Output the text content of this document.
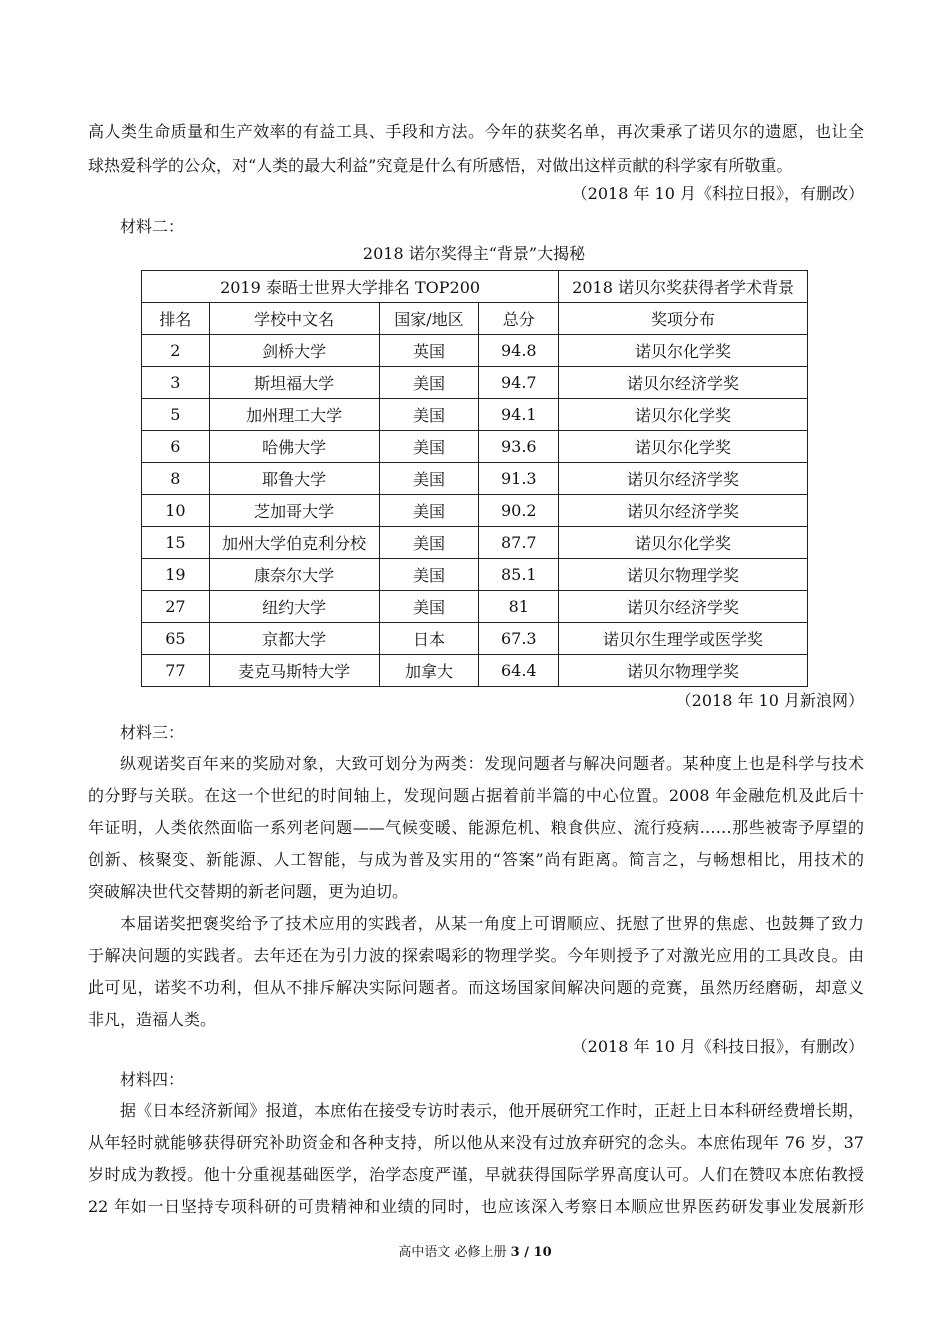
高人类生命质量和生产效率的有益工具、手段和方法。今年的获奖名单，再次秉承了诺贝尔的遗愿，也让全
球热爱科学的公众，对“人类的最大利益”究竟是什么有所感悟，对做出这样贡献的科学家有所敬重。
（2018 年 10 月《科拉日报》，有删改）
材料二：
2018 诺尔奖得主“背景”大揭秘
2019 泰晤士世界大学排名 TOP200				2018 诺贝尔奖获得者学术背景
排名	学校中文名	国家/地区	总分	奖项分布
2	剑桥大学	英国	94.8	诺贝尔化学奖
3	斯坦福大学	美国	94.7	诺贝尔经济学奖
5	加州理工大学	美国	94.1	诺贝尔化学奖
6	哈佛大学	美国	93.6	诺贝尔化学奖
8	耶鲁大学	美国	91.3	诺贝尔经济学奖
10	芝加哥大学	美国	90.2	诺贝尔经济学奖
15	加州大学伯克利分校	美国	87.7	诺贝尔化学奖
19	康奈尔大学	美国	85.1	诺贝尔物理学奖
27	纽约大学	美国	81	诺贝尔经济学奖
65	京都大学	日本	67.3	诺贝尔生理学或医学奖
77	麦克马斯特大学	加拿大	64.4	诺贝尔物理学奖
（2018 年 10 月新浪网）
材料三：
纵观诺奖百年来的奖励对象，大致可划分为两类：发现问题者与解决问题者。某种度上也是科学与技术
的分野与关联。在这一个世纪的时间轴上，发现问题占据着前半篇的中心位置。2008 年金融危机及此后十
年证明，人类依然面临一系列老问题——气候变暖、能源危机、粮食供应、流行疫病……那些被寄予厚望的
创新、核聚变、新能源、人工智能，与成为普及实用的“答案”尚有距离。简言之，与畅想相比，用技术的
突破解决世代交替期的新老问题，更为迫切。
本届诺奖把褒奖给予了技术应用的实践者，从某一角度上可谓顺应、抚慰了世界的焦虑、也鼓舞了致力
于解决问题的实践者。去年还在为引力波的探索喝彩的物理学奖。今年则授予了对激光应用的工具改良。由
此可见，诺奖不功利，但从不排斥解决实际问题者。而这场国家间解决问题的竞赛，虽然历经磨砺，却意义
非凡，造福人类。
（2018 年 10 月《科技日报》，有删改）
材料四：
据《日本经济新闻》报道，本庶佑在接受专访时表示，他开展研究工作时，正赶上日本科研经费增长期，
从年轻时就能够获得研究补助资金和各种支持，所以他从来没有过放弃研究的念头。本庶佑现年 76 岁，37
岁时成为教授。他十分重视基础医学，治学态度严谨，早就获得国际学界高度认可。人们在赞叹本庶佑教授
22 年如一日坚持专项科研的可贵精神和业绩的同时，也应该深入考察日本顺应世界医药研发事业发展新形
高中语文 必修上册 3 / 10
